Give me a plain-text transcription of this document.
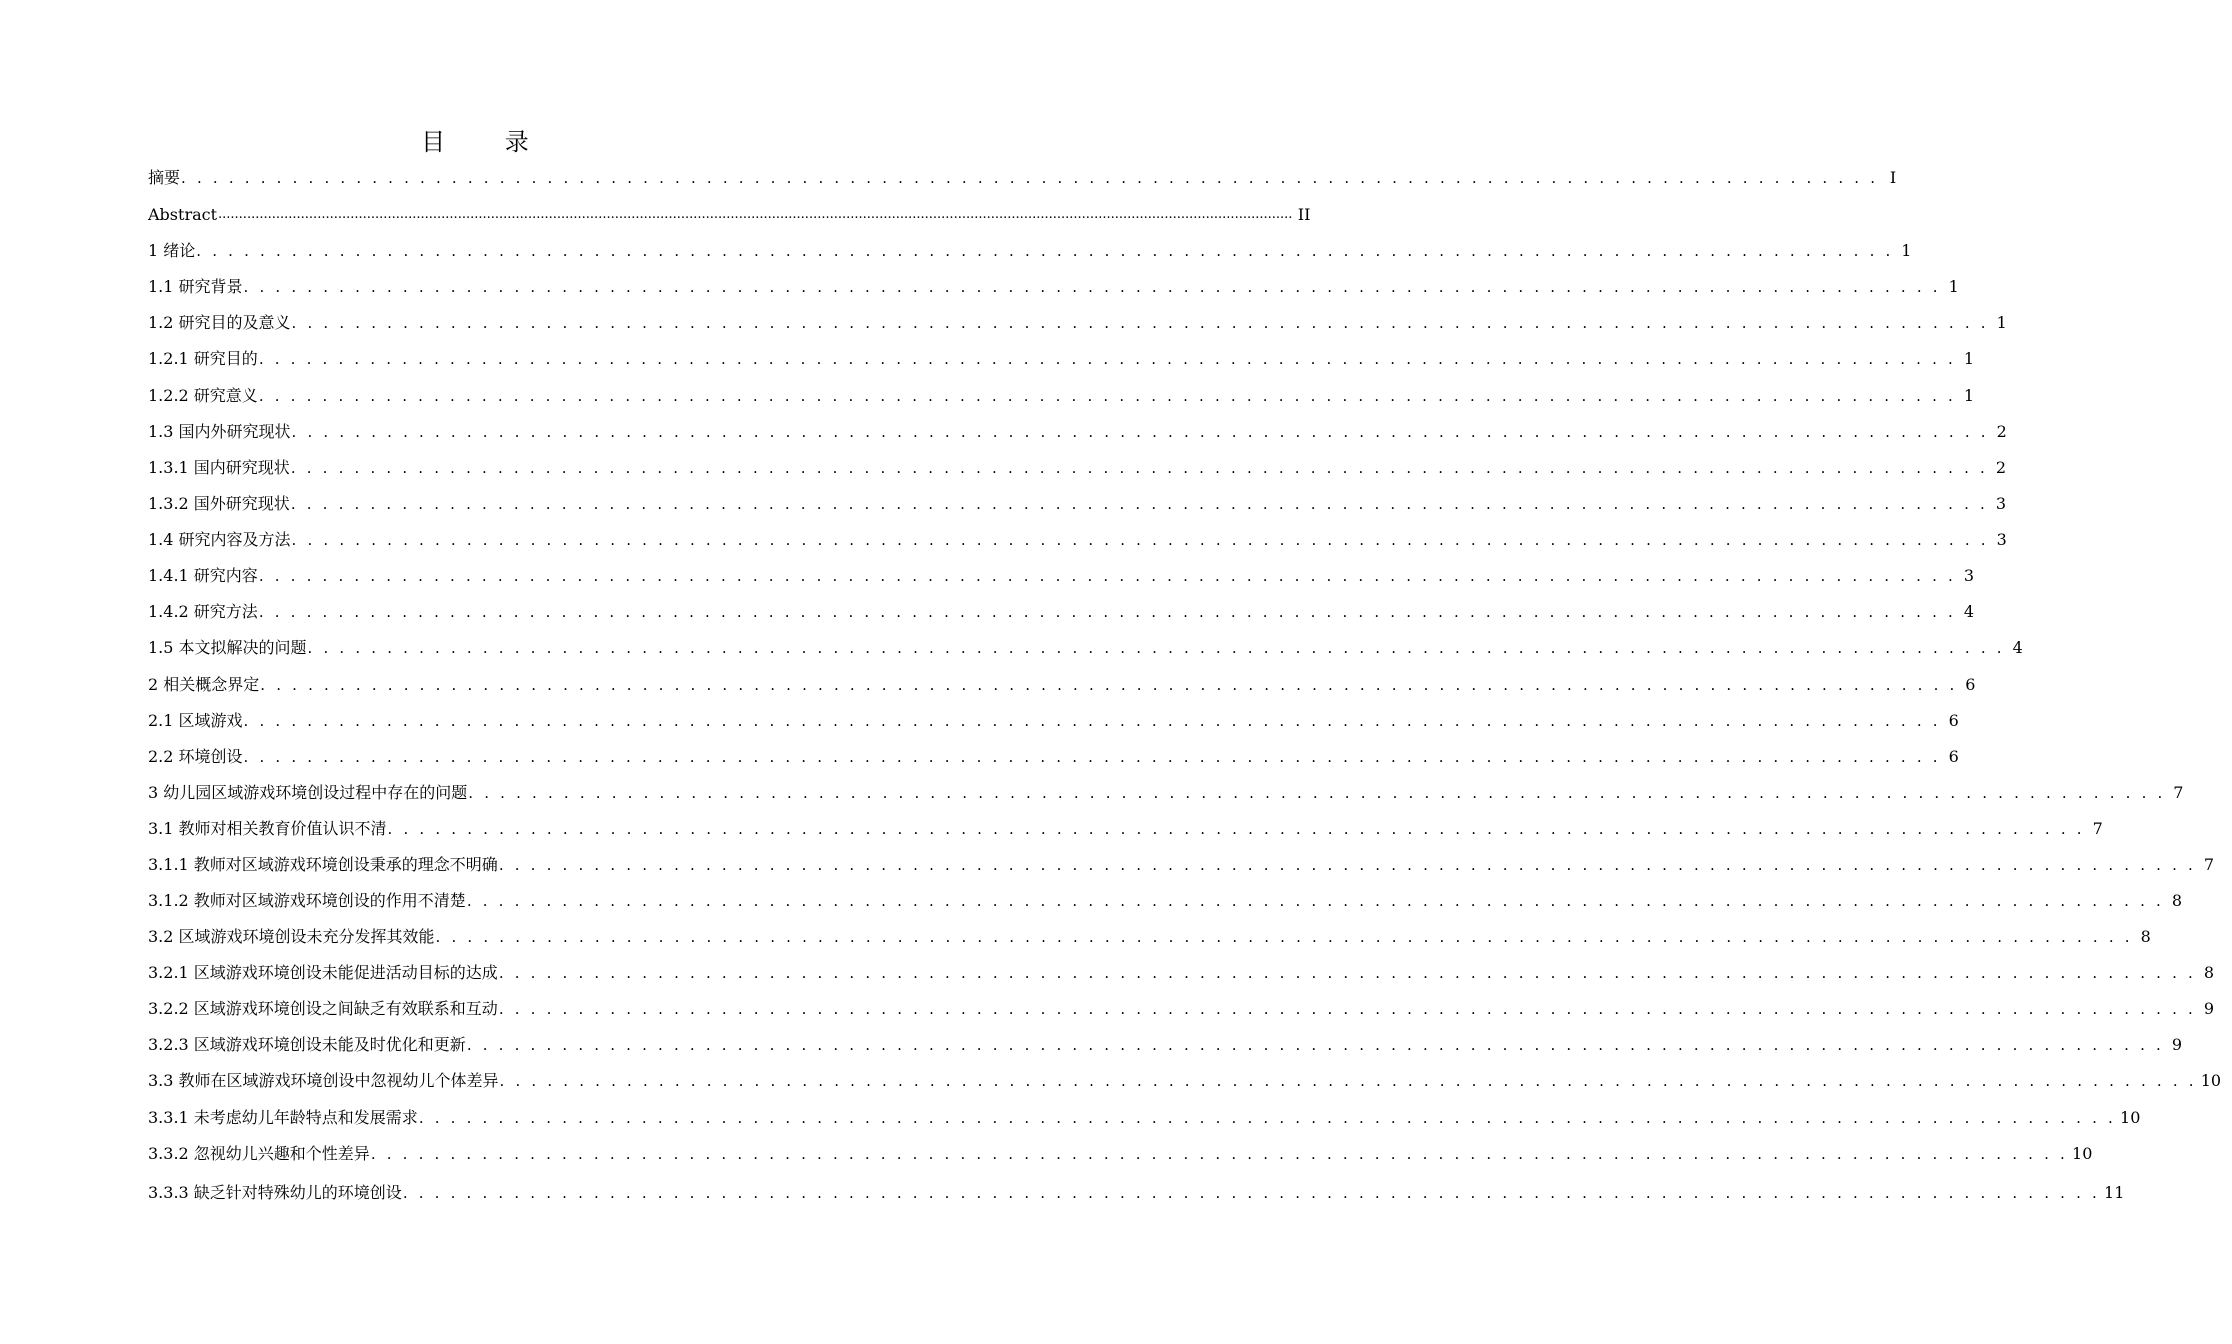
目 录
摘要 . . . . . . . . . . . . . . . . . . . . . . . . . . . . . . . . . . . . . . . . . . . . . . . . . . . . . . . . . . . . . . . . . . . . . . . . . . . . . . . . . . . . . . . . . . . . . . . . . . . . . . . . . . . I
Abstract .................................................................................................................................................................................................................................................................... II
1 绪论 . . . . . . . . . . . . . . . . . . . . . . . . . . . . . . . . . . . . . . . . . . . . . . . . . . . . . . . . . . . . . . . . . . . . . . . . . . . . . . . . . . . . . . . . . . . . . . . . . . . . . . . . . . . 1
1.1 研究背景 . . . . . . . . . . . . . . . . . . . . . . . . . . . . . . . . . . . . . . . . . . . . . . . . . . . . . . . . . . . . . . . . . . . . . . . . . . . . . . . . . . . . . . . . . . . . . . . . . . . . . . . . . . . 1
1.2 研究目的及意义 . . . . . . . . . . . . . . . . . . . . . . . . . . . . . . . . . . . . . . . . . . . . . . . . . . . . . . . . . . . . . . . . . . . . . . . . . . . . . . . . . . . . . . . . . . . . . . . . . . . . . . . . . . . 1
1.2.1 研究目的 . . . . . . . . . . . . . . . . . . . . . . . . . . . . . . . . . . . . . . . . . . . . . . . . . . . . . . . . . . . . . . . . . . . . . . . . . . . . . . . . . . . . . . . . . . . . . . . . . . . . . . . . . . . 1
1.2.2 研究意义 . . . . . . . . . . . . . . . . . . . . . . . . . . . . . . . . . . . . . . . . . . . . . . . . . . . . . . . . . . . . . . . . . . . . . . . . . . . . . . . . . . . . . . . . . . . . . . . . . . . . . . . . . . . 1
1.3 国内外研究现状 . . . . . . . . . . . . . . . . . . . . . . . . . . . . . . . . . . . . . . . . . . . . . . . . . . . . . . . . . . . . . . . . . . . . . . . . . . . . . . . . . . . . . . . . . . . . . . . . . . . . . . . . . . . 2
1.3.1 国内研究现状 . . . . . . . . . . . . . . . . . . . . . . . . . . . . . . . . . . . . . . . . . . . . . . . . . . . . . . . . . . . . . . . . . . . . . . . . . . . . . . . . . . . . . . . . . . . . . . . . . . . . . . . . . . . 2
1.3.2 国外研究现状 . . . . . . . . . . . . . . . . . . . . . . . . . . . . . . . . . . . . . . . . . . . . . . . . . . . . . . . . . . . . . . . . . . . . . . . . . . . . . . . . . . . . . . . . . . . . . . . . . . . . . . . . . . . 3
1.4 研究内容及方法 . . . . . . . . . . . . . . . . . . . . . . . . . . . . . . . . . . . . . . . . . . . . . . . . . . . . . . . . . . . . . . . . . . . . . . . . . . . . . . . . . . . . . . . . . . . . . . . . . . . . . . . . . . . 3
1.4.1 研究内容 . . . . . . . . . . . . . . . . . . . . . . . . . . . . . . . . . . . . . . . . . . . . . . . . . . . . . . . . . . . . . . . . . . . . . . . . . . . . . . . . . . . . . . . . . . . . . . . . . . . . . . . . . . . 3
1.4.2 研究方法 . . . . . . . . . . . . . . . . . . . . . . . . . . . . . . . . . . . . . . . . . . . . . . . . . . . . . . . . . . . . . . . . . . . . . . . . . . . . . . . . . . . . . . . . . . . . . . . . . . . . . . . . . . . 4
1.5 本文拟解决的问题 . . . . . . . . . . . . . . . . . . . . . . . . . . . . . . . . . . . . . . . . . . . . . . . . . . . . . . . . . . . . . . . . . . . . . . . . . . . . . . . . . . . . . . . . . . . . . . . . . . . . . . . . . . . 4
2 相关概念界定 . . . . . . . . . . . . . . . . . . . . . . . . . . . . . . . . . . . . . . . . . . . . . . . . . . . . . . . . . . . . . . . . . . . . . . . . . . . . . . . . . . . . . . . . . . . . . . . . . . . . . . . . . . . 6
2.1 区域游戏 . . . . . . . . . . . . . . . . . . . . . . . . . . . . . . . . . . . . . . . . . . . . . . . . . . . . . . . . . . . . . . . . . . . . . . . . . . . . . . . . . . . . . . . . . . . . . . . . . . . . . . . . . . . 6
2.2 环境创设 . . . . . . . . . . . . . . . . . . . . . . . . . . . . . . . . . . . . . . . . . . . . . . . . . . . . . . . . . . . . . . . . . . . . . . . . . . . . . . . . . . . . . . . . . . . . . . . . . . . . . . . . . . . 6
3 幼儿园区域游戏环境创设过程中存在的问题 . . . . . . . . . . . . . . . . . . . . . . . . . . . . . . . . . . . . . . . . . . . . . . . . . . . . . . . . . . . . . . . . . . . . . . . . . . . . . . . . . . . . . . . . . . . . . . . . . . . . . . . . . . . 7
3.1 教师对相关教育价值认识不清 . . . . . . . . . . . . . . . . . . . . . . . . . . . . . . . . . . . . . . . . . . . . . . . . . . . . . . . . . . . . . . . . . . . . . . . . . . . . . . . . . . . . . . . . . . . . . . . . . . . . . . . . . . . 7
3.1.1 教师对区域游戏环境创设秉承的理念不明确 . . . . . . . . . . . . . . . . . . . . . . . . . . . . . . . . . . . . . . . . . . . . . . . . . . . . . . . . . . . . . . . . . . . . . . . . . . . . . . . . . . . . . . . . . . . . . . . . . . . . . . . . . . . 7
3.1.2 教师对区域游戏环境创设的作用不清楚 . . . . . . . . . . . . . . . . . . . . . . . . . . . . . . . . . . . . . . . . . . . . . . . . . . . . . . . . . . . . . . . . . . . . . . . . . . . . . . . . . . . . . . . . . . . . . . . . . . . . . . . . . . . 8
3.2 区域游戏环境创设未充分发挥其效能 . . . . . . . . . . . . . . . . . . . . . . . . . . . . . . . . . . . . . . . . . . . . . . . . . . . . . . . . . . . . . . . . . . . . . . . . . . . . . . . . . . . . . . . . . . . . . . . . . . . . . . . . . . . 8
3.2.1 区域游戏环境创设未能促进活动目标的达成 . . . . . . . . . . . . . . . . . . . . . . . . . . . . . . . . . . . . . . . . . . . . . . . . . . . . . . . . . . . . . . . . . . . . . . . . . . . . . . . . . . . . . . . . . . . . . . . . . . . . . . . . . . . 8
3.2.2 区域游戏环境创设之间缺乏有效联系和互动 . . . . . . . . . . . . . . . . . . . . . . . . . . . . . . . . . . . . . . . . . . . . . . . . . . . . . . . . . . . . . . . . . . . . . . . . . . . . . . . . . . . . . . . . . . . . . . . . . . . . . . . . . . . 9
3.2.3 区域游戏环境创设未能及时优化和更新 . . . . . . . . . . . . . . . . . . . . . . . . . . . . . . . . . . . . . . . . . . . . . . . . . . . . . . . . . . . . . . . . . . . . . . . . . . . . . . . . . . . . . . . . . . . . . . . . . . . . . . . . . . . 9
3.3 教师在区域游戏环境创设中忽视幼儿个体差异 . . . . . . . . . . . . . . . . . . . . . . . . . . . . . . . . . . . . . . . . . . . . . . . . . . . . . . . . . . . . . . . . . . . . . . . . . . . . . . . . . . . . . . . . . . . . . . . . . . . . . . . . . . . 10
3.3.1 未考虑幼儿年龄特点和发展需求 . . . . . . . . . . . . . . . . . . . . . . . . . . . . . . . . . . . . . . . . . . . . . . . . . . . . . . . . . . . . . . . . . . . . . . . . . . . . . . . . . . . . . . . . . . . . . . . . . . . . . . . . . . . 10
3.3.2 忽视幼儿兴趣和个性差异 . . . . . . . . . . . . . . . . . . . . . . . . . . . . . . . . . . . . . . . . . . . . . . . . . . . . . . . . . . . . . . . . . . . . . . . . . . . . . . . . . . . . . . . . . . . . . . . . . . . . . . . . . . . 10
3.3.3 缺乏针对特殊幼儿的环境创设 . . . . . . . . . . . . . . . . . . . . . . . . . . . . . . . . . . . . . . . . . . . . . . . . . . . . . . . . . . . . . . . . . . . . . . . . . . . . . . . . . . . . . . . . . . . . . . . . . . . . . . . . . . . 11
